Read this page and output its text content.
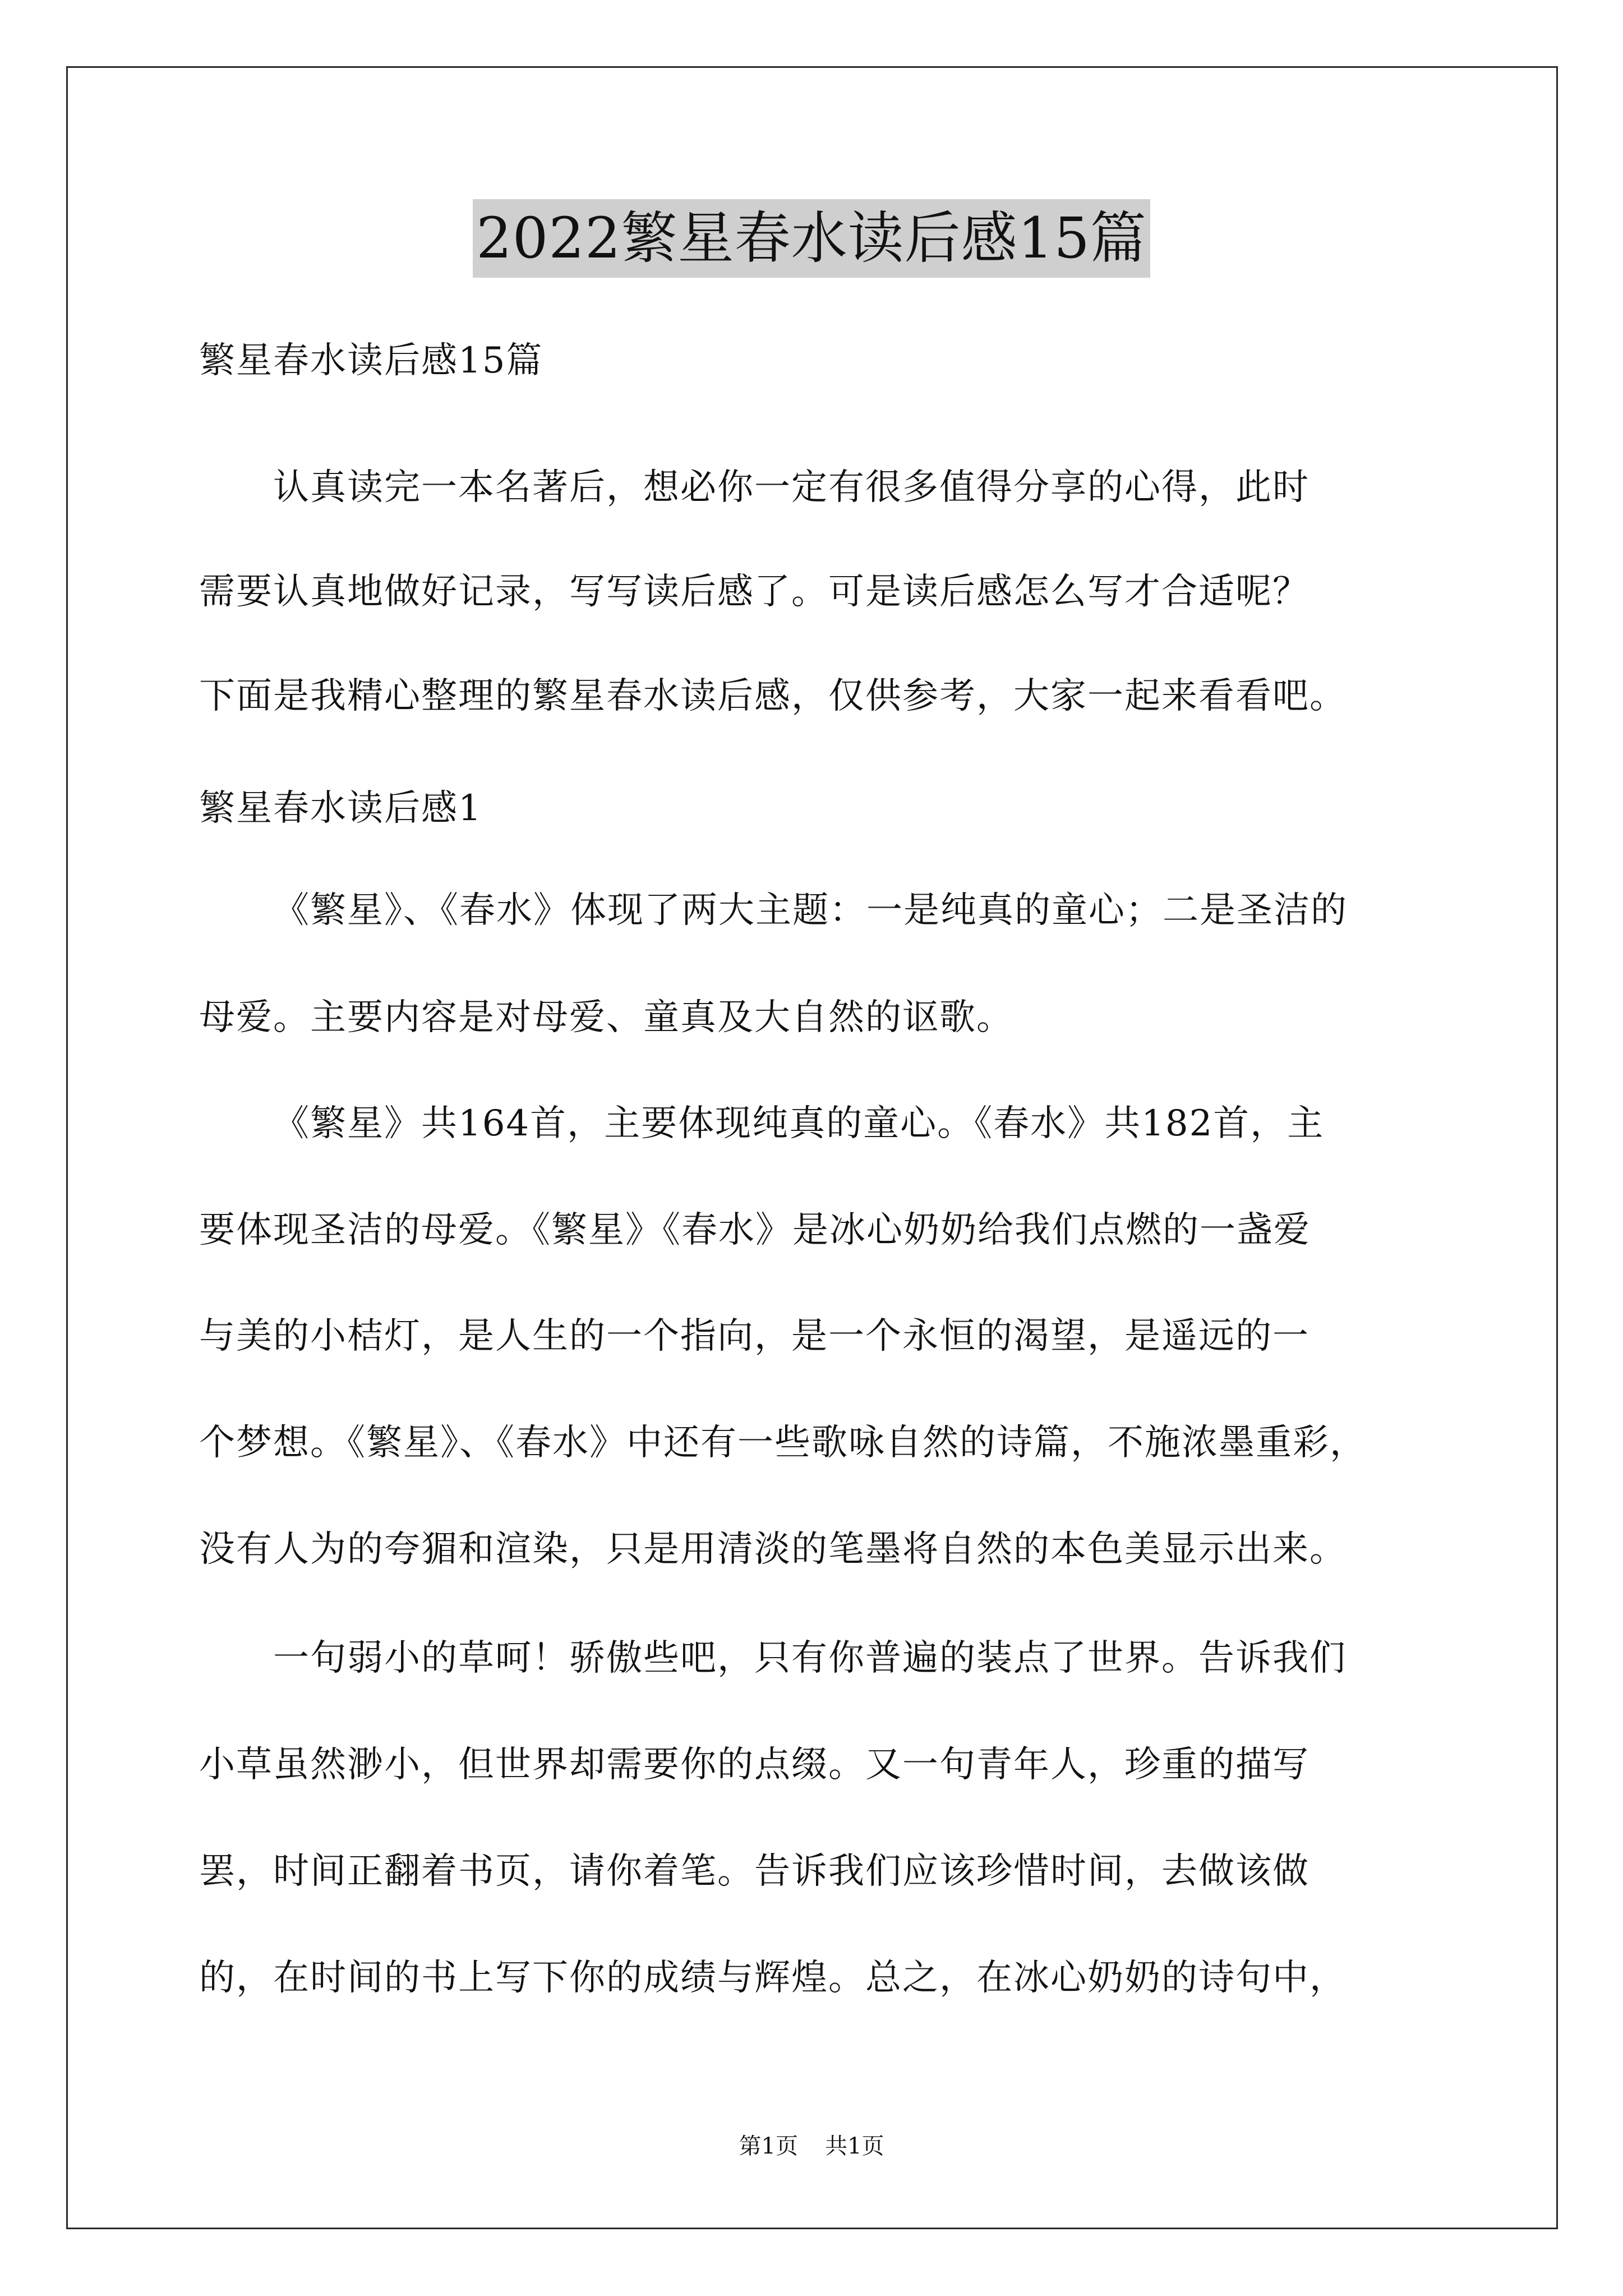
2022繁星春水读后感15篇
繁星春水读后感15篇
认真读完一本名著后，想必你一定有很多值得分享的心得，此时
需要认真地做好记录，写写读后感了。可是读后感怎么写才合适呢？
下面是我精心整理的繁星春水读后感，仅供参考，大家一起来看看吧。
繁星春水读后感1
《繁星》、《春水》体现了两大主题：一是纯真的童心；二是圣洁的
母爱。主要内容是对母爱、童真及大自然的讴歌。
《繁星》共164首，主要体现纯真的童心。《春水》共182首，主
要体现圣洁的母爱。《繁星》《春水》是冰心奶奶给我们点燃的一盏爱
与美的小桔灯，是人生的一个指向，是一个永恒的渴望，是遥远的一
个梦想。《繁星》、《春水》中还有一些歌咏自然的诗篇，不施浓墨重彩，
没有人为的夸猸和渲染，只是用清淡的笔墨将自然的本色美显示出来。
一句弱小的草呵！骄傲些吧，只有你普遍的装点了世界。告诉我们
小草虽然渺小，但世界却需要你的点缀。又一句青年人，珍重的描写
罢，时间正翻着书页，请你着笔。告诉我们应该珍惜时间，去做该做
的，在时间的书上写下你的成绩与辉煌。总之，在冰心奶奶的诗句中，
第1页 共1页
